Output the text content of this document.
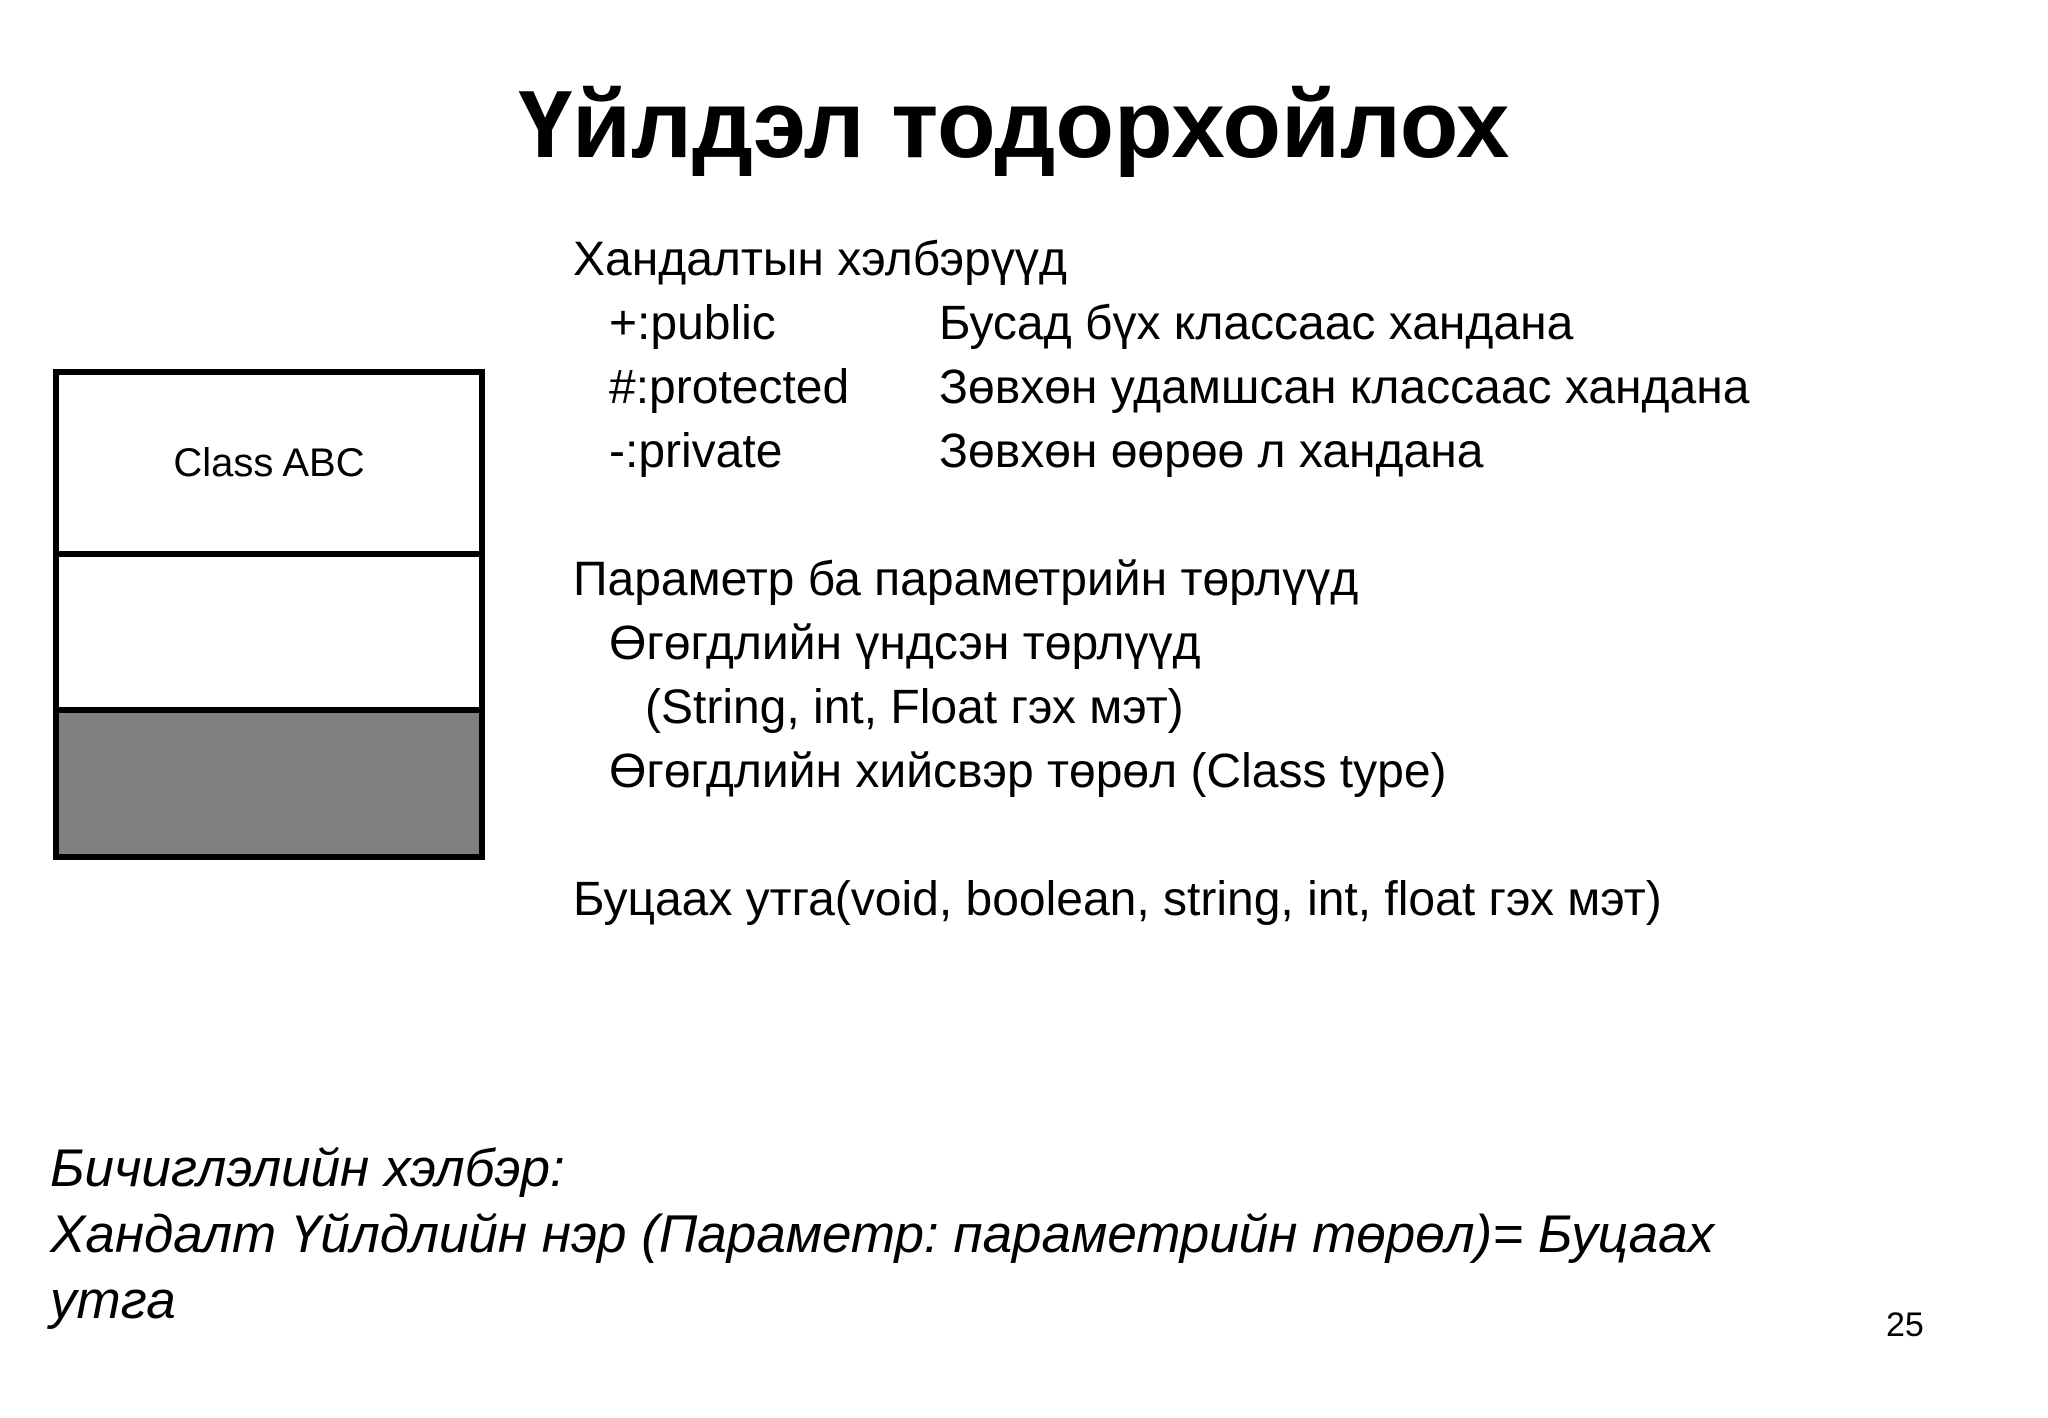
Үйлдэл тодорхойлох
Class ABC
Хандалтын хэлбэрүүд
+:public	Бусад бүх классаас хандана
#:protected Зөвхөн удамшсан классаас хандана
-:private	Зөвхөн өөрөө л хандана
Параметр ба параметрийн төрлүүд
Өгөгдлийн үндсэн төрлүүд
(String, int, Float гэх мэт)
Өгөгдлийн хийсвэр төрөл (Class type)
Буцаах утга(void, boolean, string, int, float гэх мэт)
Бичиглэлийн хэлбэр:
Хандалт Үйлдлийн нэр (Параметр: параметрийн төрөл)= Буцаах
утга	25
